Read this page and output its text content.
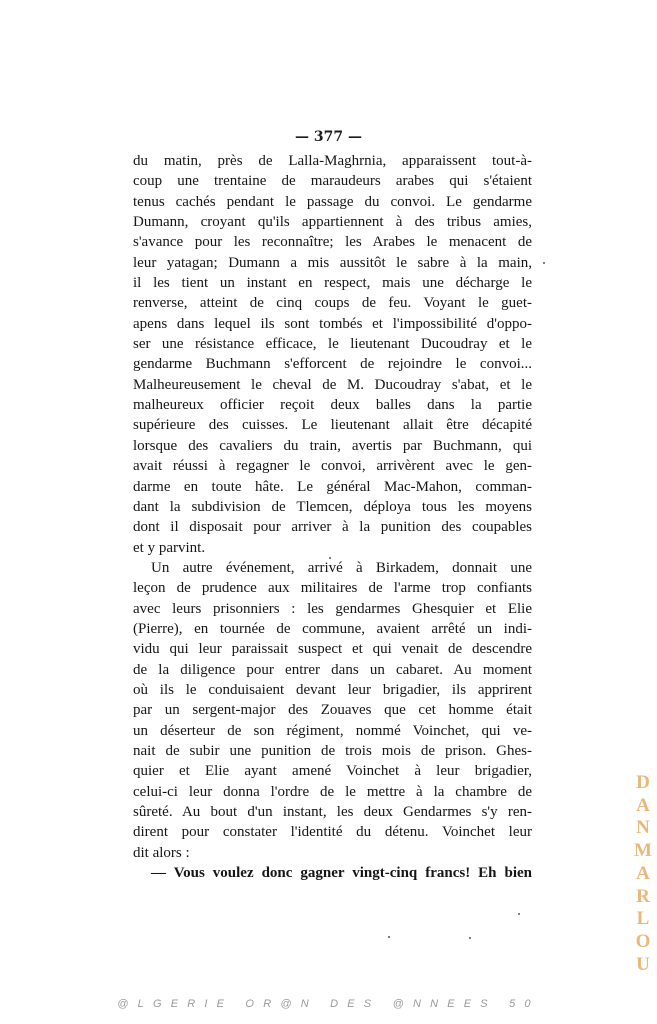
— 377 —
du matin, près de Lalla-Maghrnia, apparaissent tout-à-
coup une trentaine de maraudeurs arabes qui s'étaient
tenus cachés pendant le passage du convoi. Le gendarme
Dumann, croyant qu'ils appartiennent à des tribus amies,
s'avance pour les reconnaître; les Arabes le menacent de
leur yatagan; Dumann a mis aussitôt le sabre à la main,
il les tient un instant en respect, mais une décharge le
renverse, atteint de cinq coups de feu. Voyant le guet-
apens dans lequel ils sont tombés et l'impossibilité d'oppo-
ser une résistance efficace, le lieutenant Ducoudray et le
gendarme Buchmann s'efforcent de rejoindre le convoi...
Malheureusement le cheval de M. Ducoudray s'abat, et le
malheureux officier reçoit deux balles dans la partie
supérieure des cuisses. Le lieutenant allait être décapité
lorsque des cavaliers du train, avertis par Buchmann, qui
avait réussi à regagner le convoi, arrivèrent avec le gen-
darme en toute hâte. Le général Mac-Mahon, comman-
dant la subdivision de Tlemcen, déploya tous les moyens
dont il disposait pour arriver à la punition des coupables
et y parvint.
Un autre événement, arrivé à Birkadem, donnait une
leçon de prudence aux militaires de l'arme trop confiants
avec leurs prisonniers : les gendarmes Ghesquier et Elie
(Pierre), en tournée de commune, avaient arrêté un indi-
vidu qui leur paraissait suspect et qui venait de descendre
de la diligence pour entrer dans un cabaret. Au moment
où ils le conduisaient devant leur brigadier, ils apprirent
par un sergent-major des Zouaves que cet homme était
un déserteur de son régiment, nommé Voinchet, qui ve-
nait de subir une punition de trois mois de prison. Ghes-
quier et Elie ayant amené Voinchet à leur brigadier,
celui-ci leur donna l'ordre de le mettre à la chambre de
sûreté. Au bout d'un instant, les deux Gendarmes s'y ren-
dirent pour constater l'identité du détenu. Voinchet leur
dit alors :
— Vous voulez donc gagner vingt-cinq francs! Eh bien
D
A
N
M
A
R
L
O
U
@LGERIE OR@N DES @NNEES 50
